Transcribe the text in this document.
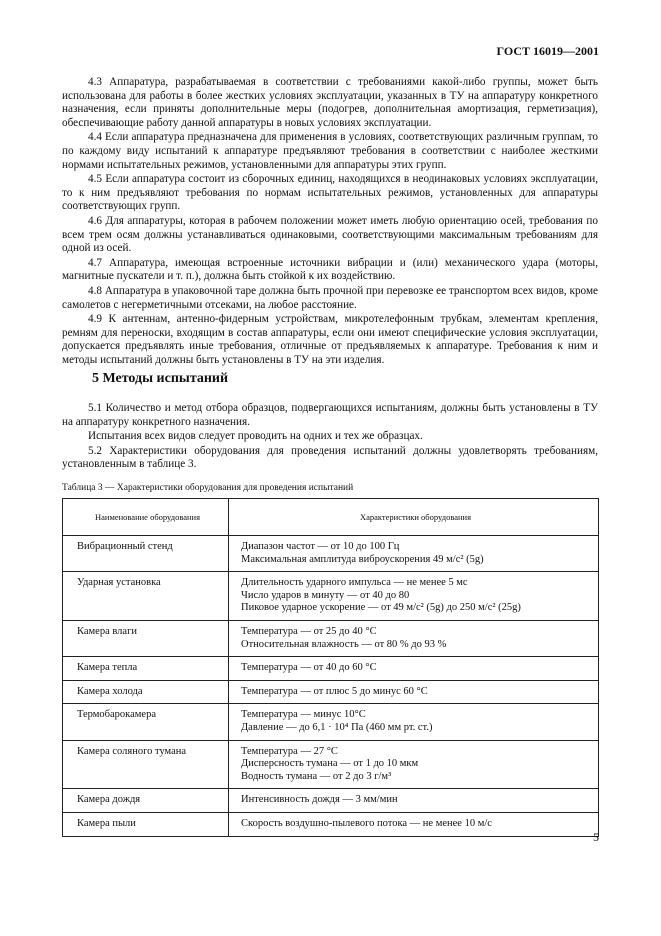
ГОСТ 16019—2001

4.3 Аппаратура, разрабатываемая в соответствии с требованиями какой-либо группы, может быть использована для работы в более жестких условиях эксплуатации, указанных в ТУ на аппаратуру конкретного назначения, если приняты дополнительные меры (подогрев, дополнительная амортизация, герметизация), обеспечивающие работу данной аппаратуры в новых условиях эксплуатации.

4.4 Если аппаратура предназначена для применения в условиях, соответствующих различным группам, то по каждому виду испытаний к аппаратуре предъявляют требования в соответствии с наиболее жесткими нормами испытательных режимов, установленными для аппаратуры этих групп.

4.5 Если аппаратура состоит из сборочных единиц, находящихся в неодинаковых условиях эксплуатации, то к ним предъявляют требования по нормам испытательных режимов, установленных для аппаратуры соответствующих групп.

4.6 Для аппаратуры, которая в рабочем положении может иметь любую ориентацию осей, требования по всем трем осям должны устанавливаться одинаковыми, соответствующими максимальным требованиям для одной из осей.

4.7 Аппаратура, имеющая встроенные источники вибрации и (или) механического удара (моторы, магнитные пускатели и т. п.), должна быть стойкой к их воздействию.

4.8 Аппаратура в упаковочной таре должна быть прочной при перевозке ее транспортом всех видов, кроме самолетов с негерметичными отсеками, на любое расстояние.

4.9 К антеннам, антенно-фидерным устройствам, микротелефонным трубкам, элементам крепления, ремням для переноски, входящим в состав аппаратуры, если они имеют специфические условия эксплуатации, допускается предъявлять иные требования, отличные от предъявляемых к аппаратуре. Требования к ним и методы испытаний должны быть установлены в ТУ на эти изделия.

5 Методы испытаний

5.1 Количество и метод отбора образцов, подвергающихся испытаниям, должны быть установлены в ТУ на аппаратуру конкретного назначения.

Испытания всех видов следует проводить на одних и тех же образцах.

5.2 Характеристики оборудования для проведения испытаний должны удовлетворять требованиям, установленным в таблице 3.

Таблица 3 — Характеристики оборудования для проведения испытаний
Наименование оборудования	Характеристики оборудования
Вибрационный стенд	Диапазон частот — от 10 до 100 Гц
Максимальная амплитуда виброускорения 49 м/с² (5g)

Ударная установка	Длительность ударного импульса — не менее 5 мс
Число ударов в минуту — от 40 до 80
Пиковое ударное ускорение — от 49 м/с² (5g) до 250 м/с² (25g)

Камера влаги	Температура — от 25 до 40 °С
Относительная влажность — от 80 % до 93 %

Камера тепла	Температура — от 40 до 60 °С

Камера холода	Температура — от плюс 5 до минус 60 °С

Термобарокамера	Температура — минус 10°С
Давление — до 6,1 · 10⁴ Па (460 мм рт. ст.)

Камера соляного тумана	Температура — 27 °С
Дисперсность тумана — от 1 до 10 мкм
Водность тумана — от 2 до 3 г/м³

Камера дождя	Интенсивность дождя — 3 мм/мин

Камера пыли	Скорость воздушно-пылевого потока — не менее 10 м/с
5
